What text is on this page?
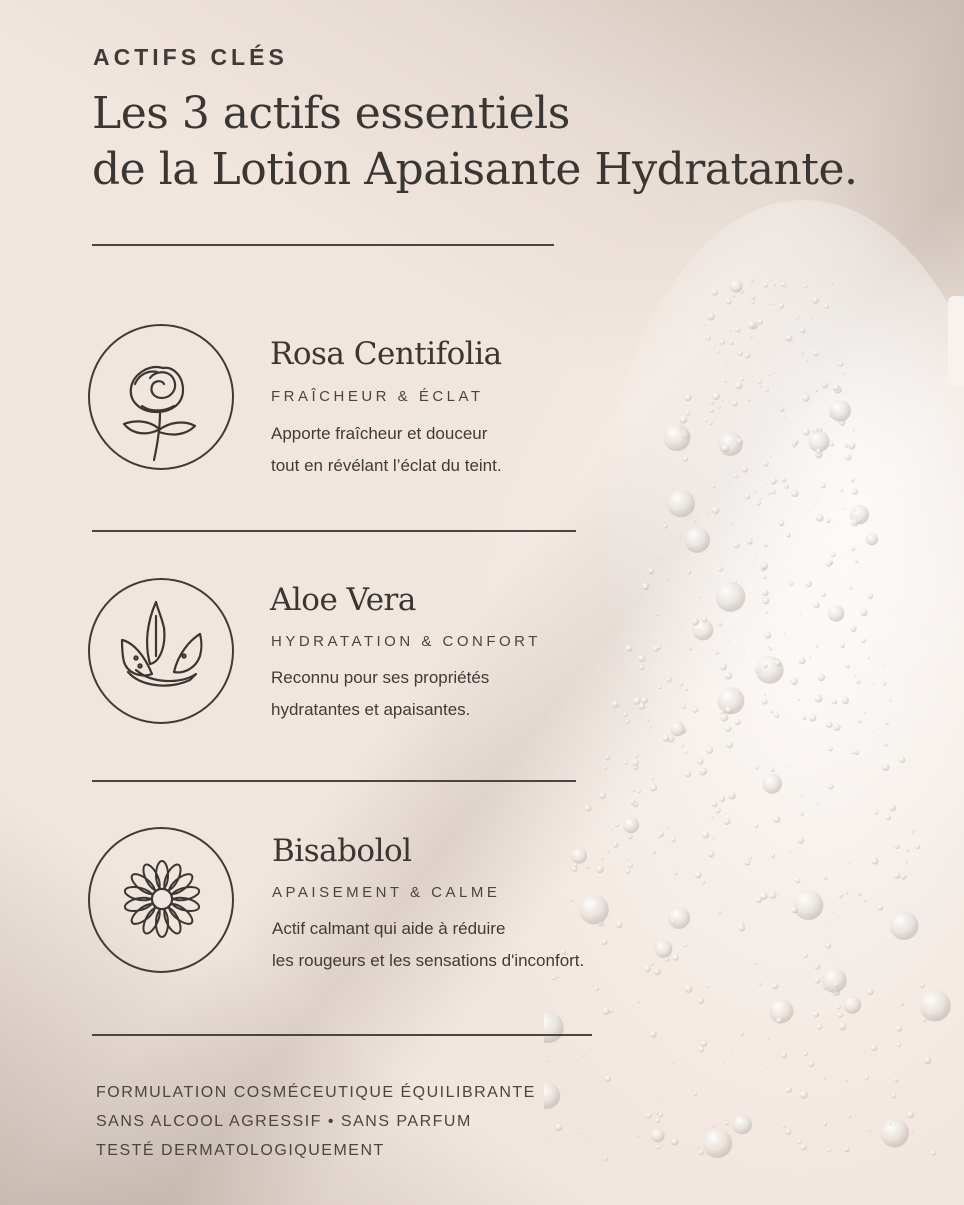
ACTIFS CLÉS
Les 3 actifs essentiels
de la Lotion Apaisante Hydratante.
Rosa Centifolia
FRAÎCHEUR & ÉCLAT
Apporte fraîcheur et douceur
tout en révélant l’éclat du teint.
Aloe Vera
HYDRATATION & CONFORT
Reconnu pour ses propriétés
hydratantes et apaisantes.
Bisabolol
APAISEMENT & CALME
Actif calmant qui aide à réduire
les rougeurs et les sensations d'inconfort.
FORMULATION COSMÉCEUTIQUE ÉQUILIBRANTE
SANS ALCOOL AGRESSIF • SANS PARFUM
TESTÉ DERMATOLOGIQUEMENT
